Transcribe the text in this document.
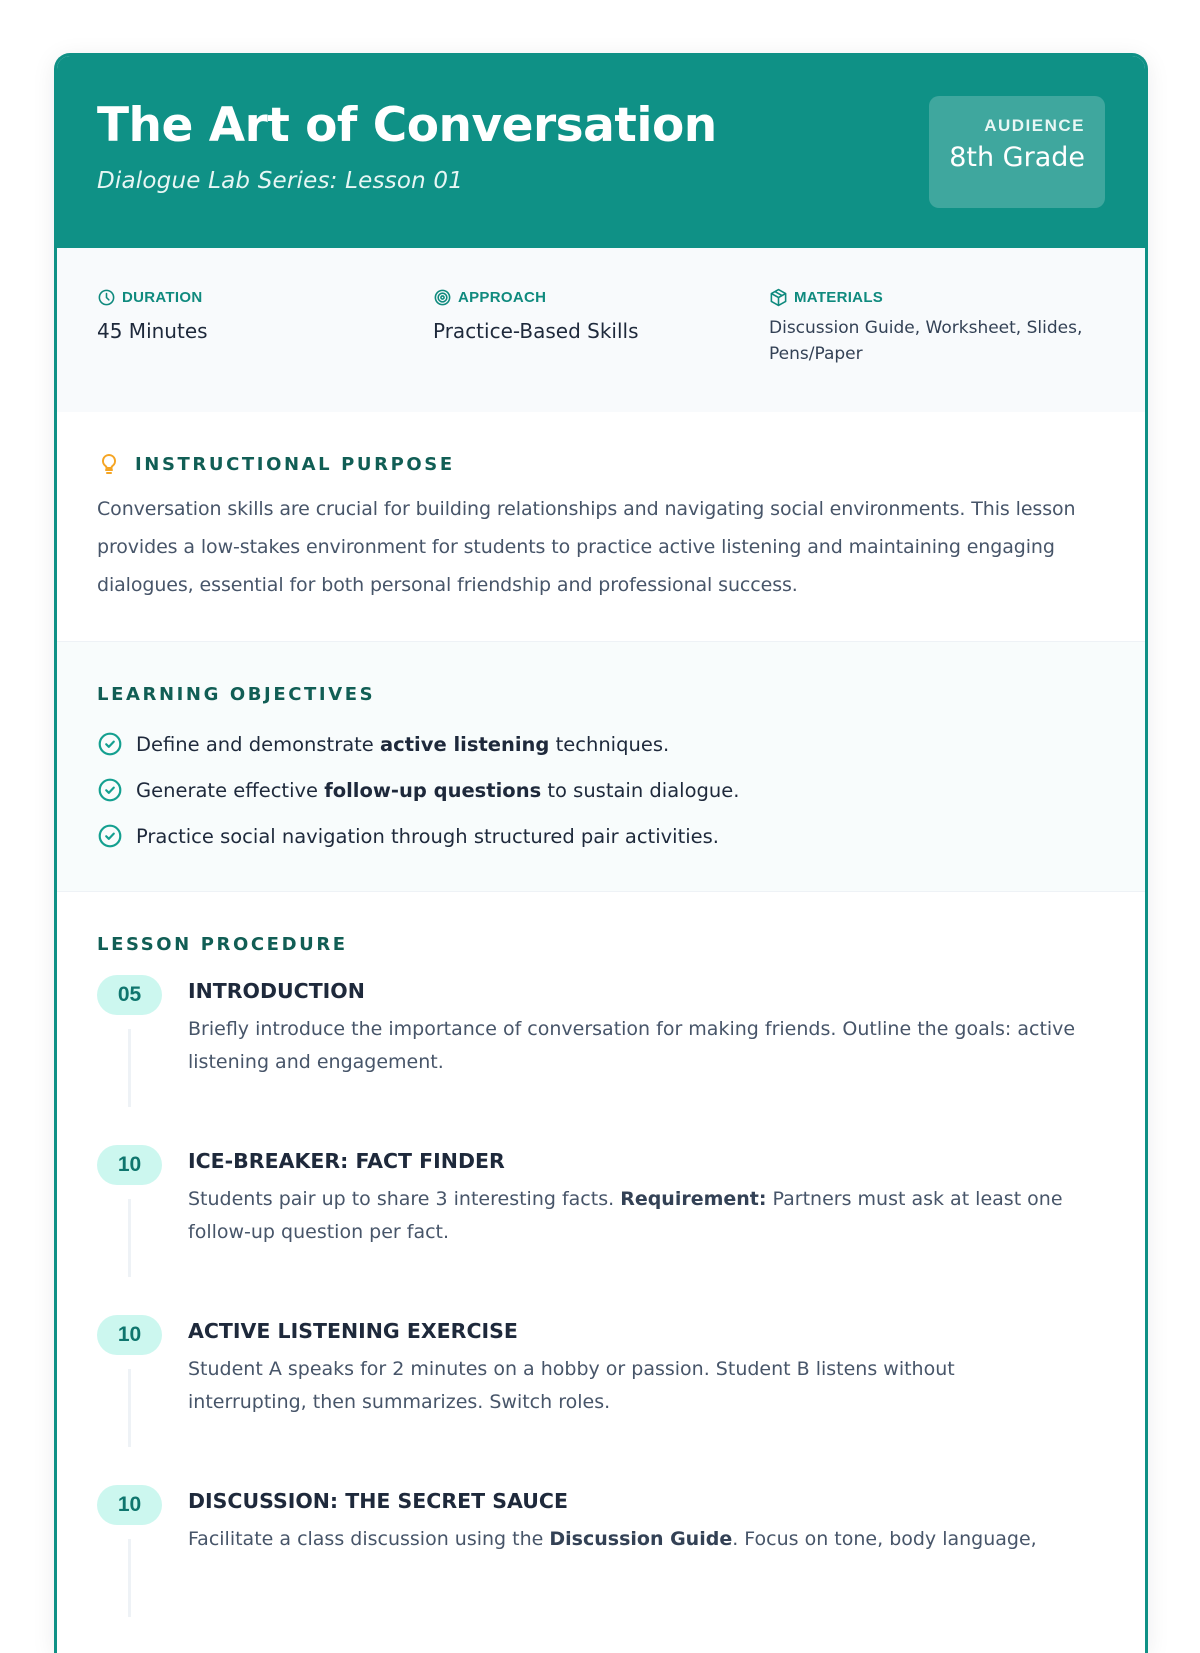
The Art of Conversation
Dialogue Lab Series: Lesson 01
AUDIENCE
8th Grade
DURATION
45 Minutes
APPROACH
Practice-Based Skills
MATERIALS
Discussion Guide, Worksheet, Slides, Pens/Paper
INSTRUCTIONAL PURPOSE

Conversation skills are crucial for building relationships and navigating social environments. This lesson provides a low-stakes environment for students to practice active listening and maintaining engaging dialogues, essential for both personal friendship and professional success.

LEARNING OBJECTIVES
Define and demonstrate active listening techniques.
Generate effective follow-up questions to sustain dialogue.
Practice social navigation through structured pair activities.
LESSON PROCEDURE
05	INTRODUCTION
Briefly introduce the importance of conversation for making friends. Outline the goals: active listening and engagement.
10	ICE-BREAKER: FACT FINDER
Students pair up to share 3 interesting facts. Requirement: Partners must ask at least one follow-up question per fact.
10	ACTIVE LISTENING EXERCISE
Student A speaks for 2 minutes on a hobby or passion. Student B listens without interrupting, then summarizes. Switch roles.
10	DISCUSSION: THE SECRET SAUCE
Facilitate a class discussion using the Discussion Guide. Focus on tone, body language,
